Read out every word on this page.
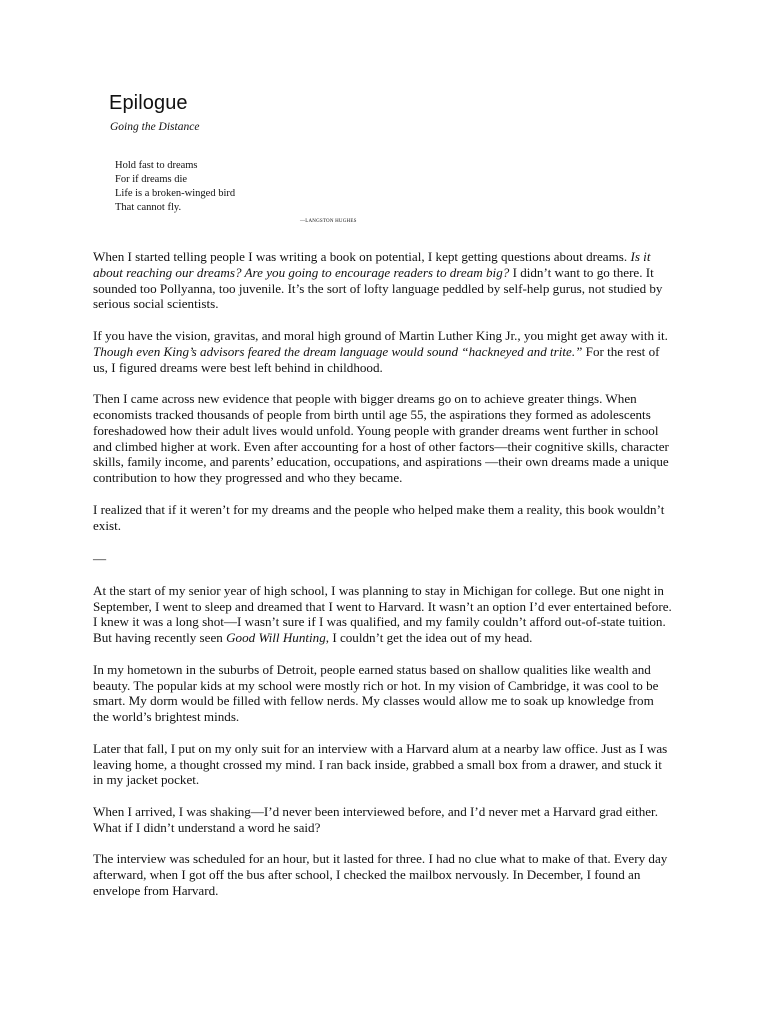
Epilogue

Going the Distance

Hold fast to dreams
For if dreams die
Life is a broken-winged bird
That cannot fly.
—LANGSTON HUGHES

When I started telling people I was writing a book on potential, I kept getting questions about dreams. Is it about reaching our dreams? Are you going to encourage readers to dream big? I didn’t want to go there. It sounded too Pollyanna, too juvenile. It’s the sort of lofty language peddled by self-help gurus, not studied by serious social scientists.

If you have the vision, gravitas, and moral high ground of Martin Luther King Jr., you might get away with it. Though even King’s advisors feared the dream language would sound “hackneyed and trite.” For the rest of us, I figured dreams were best left behind in childhood.

Then I came across new evidence that people with bigger dreams go on to achieve greater things. When economists tracked thousands of people from birth until age 55, the aspirations they formed as adolescents foreshadowed how their adult lives would unfold. Young people with grander dreams went further in school and climbed higher at work. Even after accounting for a host of other factors—their cognitive skills, character skills, family income, and parents’ education, occupations, and aspirations —their own dreams made a unique contribution to how they progressed and who they became.

I realized that if it weren’t for my dreams and the people who helped make them a reality, this book wouldn’t exist.

—

At the start of my senior year of high school, I was planning to stay in Michigan for college. But one night in September, I went to sleep and dreamed that I went to Harvard. It wasn’t an option I’d ever entertained before. I knew it was a long shot—I wasn’t sure if I was qualified, and my family couldn’t afford out-of-state tuition. But having recently seen Good Will Hunting, I couldn’t get the idea out of my head.

In my hometown in the suburbs of Detroit, people earned status based on shallow qualities like wealth and beauty. The popular kids at my school were mostly rich or hot. In my vision of Cambridge, it was cool to be smart. My dorm would be filled with fellow nerds. My classes would allow me to soak up knowledge from the world’s brightest minds.

Later that fall, I put on my only suit for an interview with a Harvard alum at a nearby law office. Just as I was leaving home, a thought crossed my mind. I ran back inside, grabbed a small box from a drawer, and stuck it in my jacket pocket.

When I arrived, I was shaking—I’d never been interviewed before, and I’d never met a Harvard grad either. What if I didn’t understand a word he said?

The interview was scheduled for an hour, but it lasted for three. I had no clue what to make of that. Every day afterward, when I got off the bus after school, I checked the mailbox nervously. In December, I found an envelope from Harvard.
